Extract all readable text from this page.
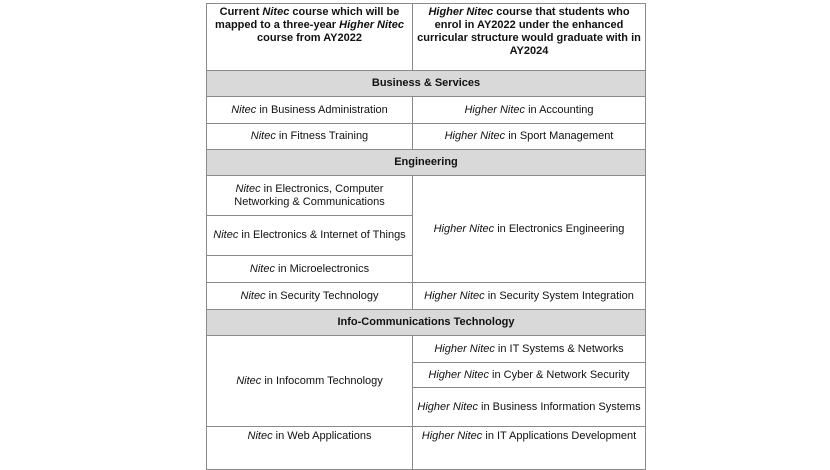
Current Nitec course which will be mapped to a three-year Higher Nitec course from AY2022	Higher Nitec course that students who enrol in AY2022 under the enhanced curricular structure would graduate with in AY2024
Business & Services	
Nitec in Business Administration	Higher Nitec in Accounting
Nitec in Fitness Training	Higher Nitec in Sport Management
Engineering	
Nitec in Electronics, Computer Networking & Communications	Higher Nitec in Electronics Engineering
Nitec in Electronics & Internet of Things	
Nitec in Microelectronics	
Nitec in Security Technology	Higher Nitec in Security System Integration
Info-Communications Technology	
Nitec in Infocomm Technology	Higher Nitec in IT Systems & Networks
	Higher Nitec in Cyber & Network Security
	Higher Nitec in Business Information Systems
Nitec in Web Applications	Higher Nitec in IT Applications Development
